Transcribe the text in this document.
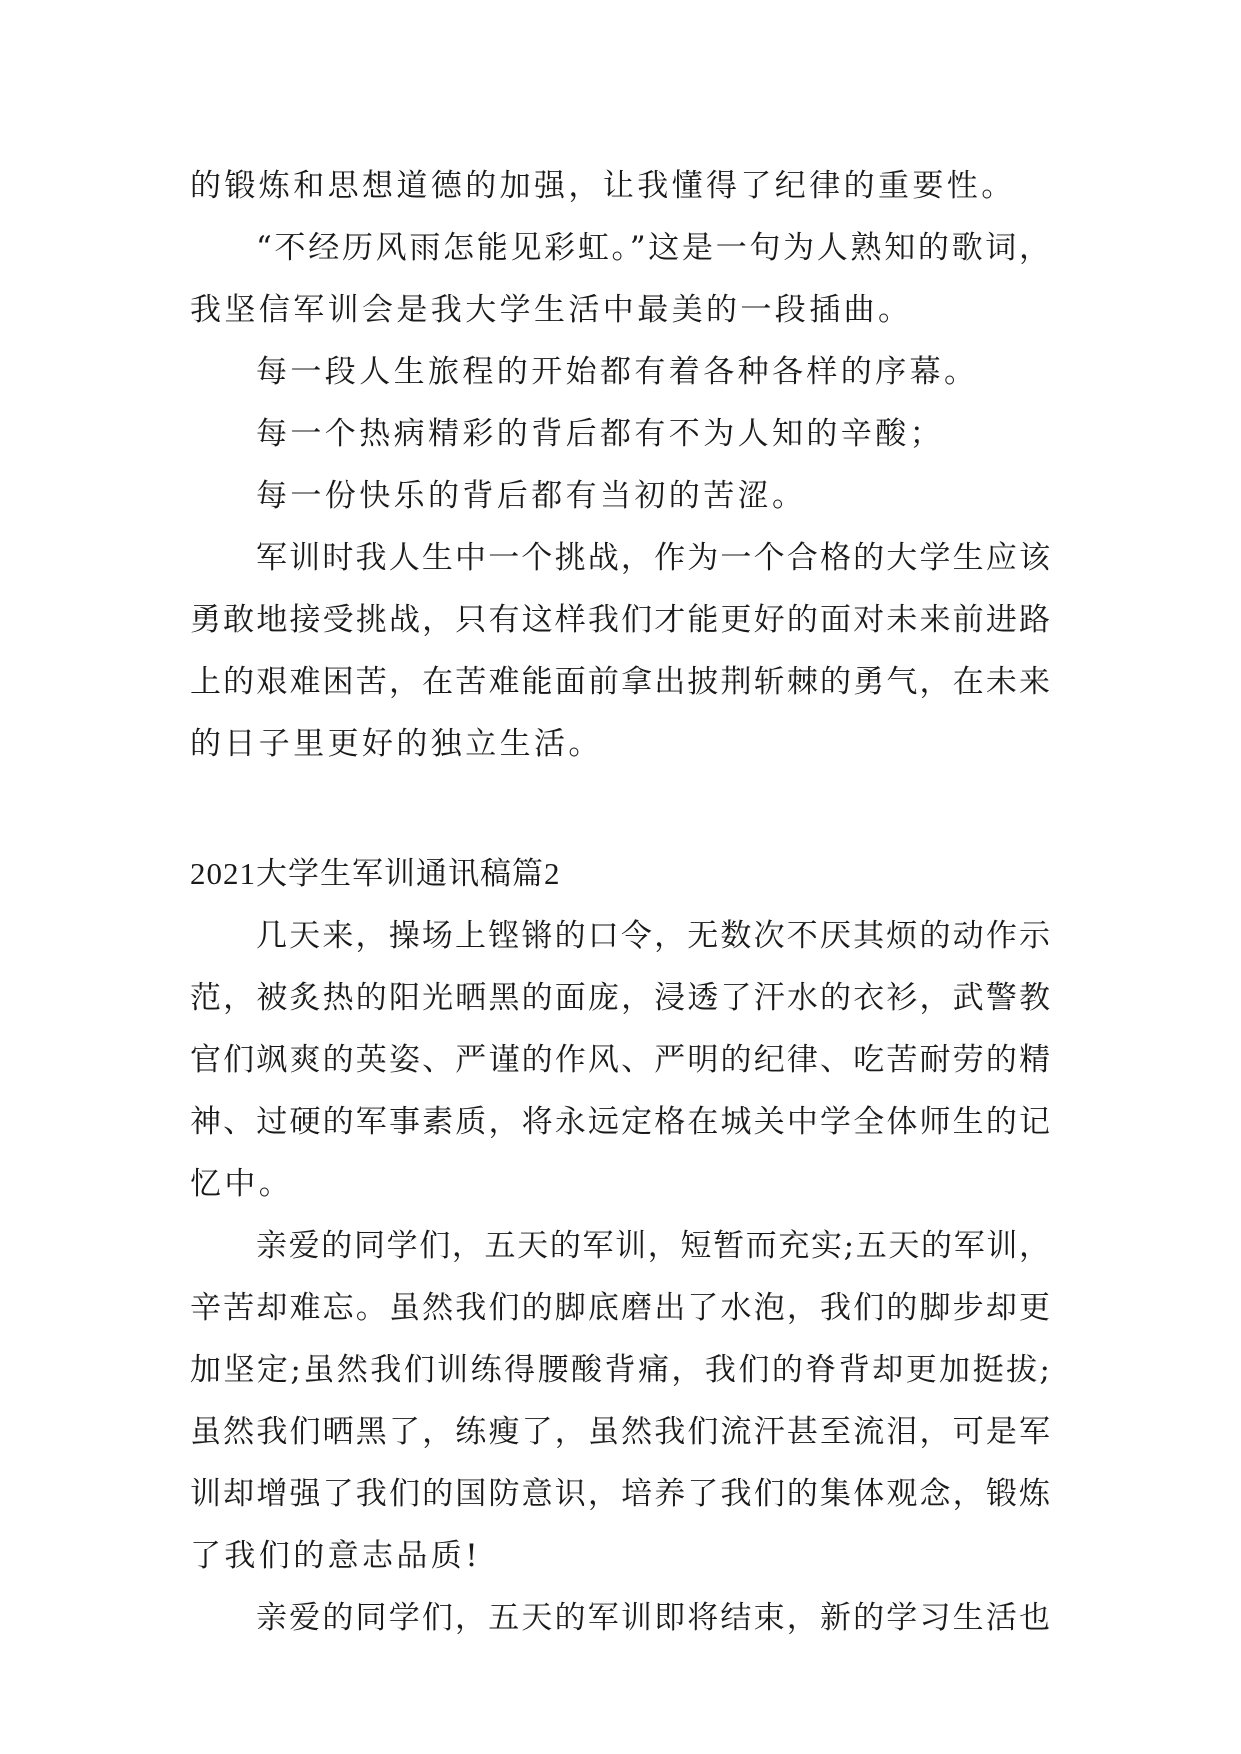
的锻炼和思想道德的加强，让我懂得了纪律的重要性。
“不经历风雨怎能见彩虹。”这是一句为人熟知的歌词，
我坚信军训会是我大学生活中最美的一段插曲。
每一段人生旅程的开始都有着各种各样的序幕。
每一个热病精彩的背后都有不为人知的辛酸；
每一份快乐的背后都有当初的苦涩。
军训时我人生中一个挑战，作为一个合格的大学生应该
勇敢地接受挑战，只有这样我们才能更好的面对未来前进路
上的艰难困苦，在苦难能面前拿出披荆斩棘的勇气，在未来
的日子里更好的独立生活。
2021大学生军训通讯稿篇2
几天来，操场上铿锵的口令，无数次不厌其烦的动作示
范，被炙热的阳光晒黑的面庞，浸透了汗水的衣衫，武警教
官们飒爽的英姿、严谨的作风、严明的纪律、吃苦耐劳的精
神、过硬的军事素质，将永远定格在城关中学全体师生的记
忆中。
亲爱的同学们，五天的军训，短暂而充实;五天的军训，
辛苦却难忘。虽然我们的脚底磨出了水泡，我们的脚步却更
加坚定;虽然我们训练得腰酸背痛，我们的脊背却更加挺拔;
虽然我们晒黑了，练瘦了，虽然我们流汗甚至流泪，可是军
训却增强了我们的国防意识，培养了我们的集体观念，锻炼
了我们的意志品质!
亲爱的同学们，五天的军训即将结束，新的学习生活也
